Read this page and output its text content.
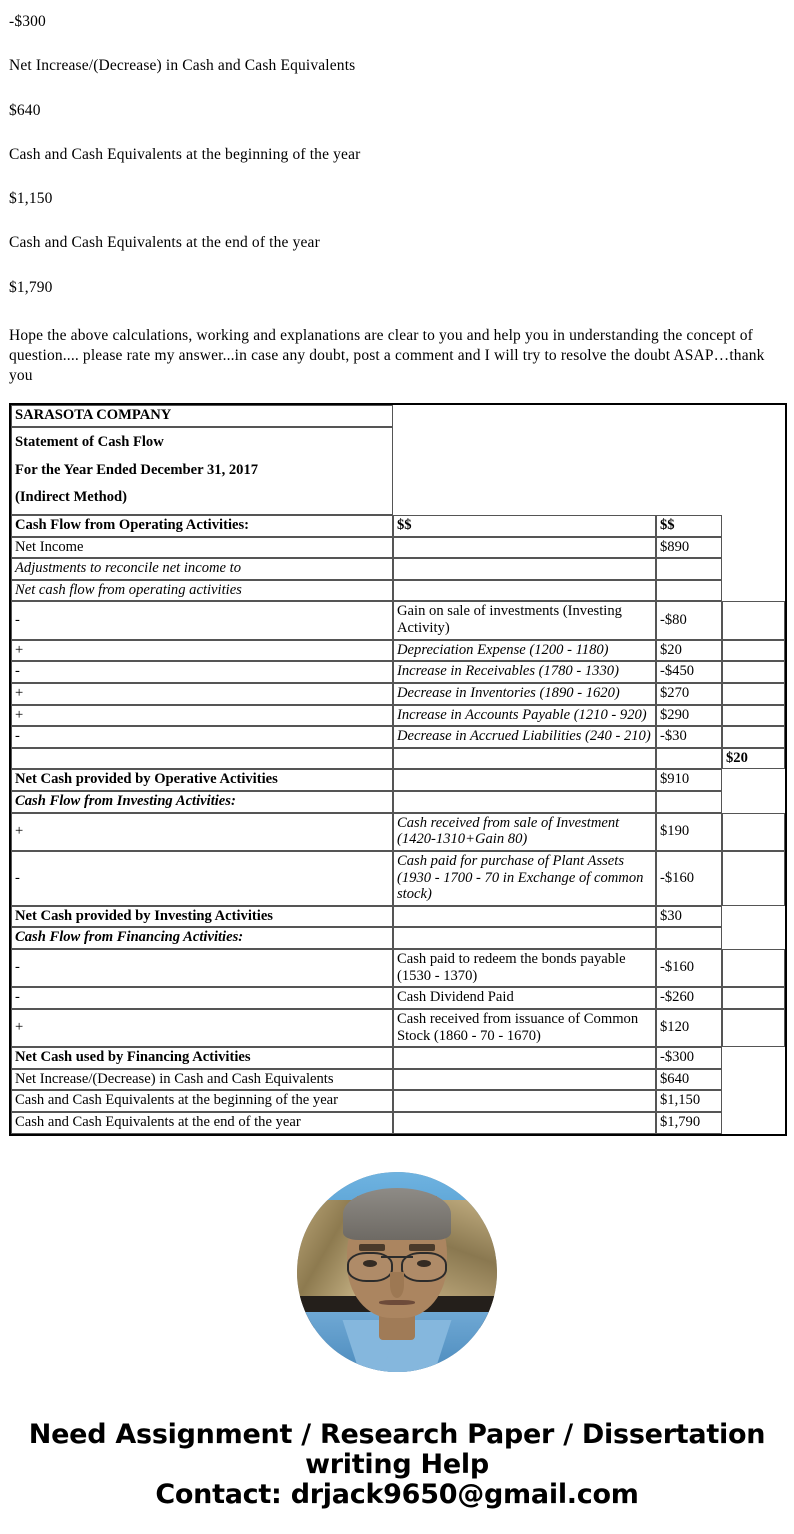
-$300

Net Increase/(Decrease) in Cash and Cash Equivalents

$640

Cash and Cash Equivalents at the beginning of the year

$1,150

Cash and Cash Equivalents at the end of the year

$1,790

Hope the above calculations, working and explanations are clear to you and help you in understanding the concept of question.... please rate my answer...in case any doubt, post a comment and I will try to resolve the doubt ASAP…thank you

SARASOTA COMPANY			

Statement of Cash Flow
For the Year Ended December 31, 2017
(Indirect Method)			

Cash Flow from Operating Activities:	$$	$$	
Net Income		$890	
Adjustments to reconcile net income to			
Net cash flow from operating activities			
-	Gain on sale of investments (Investing Activity)	-$80	
+	Depreciation Expense (1200 - 1180)	$20	
-	Increase in Receivables (1780 - 1330)	-$450	
+	Decrease in Inventories (1890 - 1620)	$270	
+	Increase in Accounts Payable (1210 - 920)	$290	
-	Decrease in Accrued Liabilities (240 - 210)	-$30	
			$20
Net Cash provided by Operative Activities		$910	
Cash Flow from Investing Activities:			
+	Cash received from sale of Investment (1420-1310+Gain 80)	$190	
-	Cash paid for purchase of Plant Assets (1930 - 1700 - 70 in Exchange of common stock)	-$160	
Net Cash provided by Investing Activities		$30	
Cash Flow from Financing Activities:			
-	Cash paid to redeem the bonds payable (1530 - 1370)	-$160	
-	Cash Dividend Paid	-$260	
+	Cash received from issuance of Common Stock (1860 - 70 - 1670)	$120	
Net Cash used by Financing Activities		-$300	
Net Increase/(Decrease) in Cash and Cash Equivalents		$640	
Cash and Cash Equivalents at the beginning of the year		$1,150	
Cash and Cash Equivalents at the end of the year		$1,790	
Need Assignment / Research Paper / Dissertation writing Help
Contact: drjack9650@gmail.com
